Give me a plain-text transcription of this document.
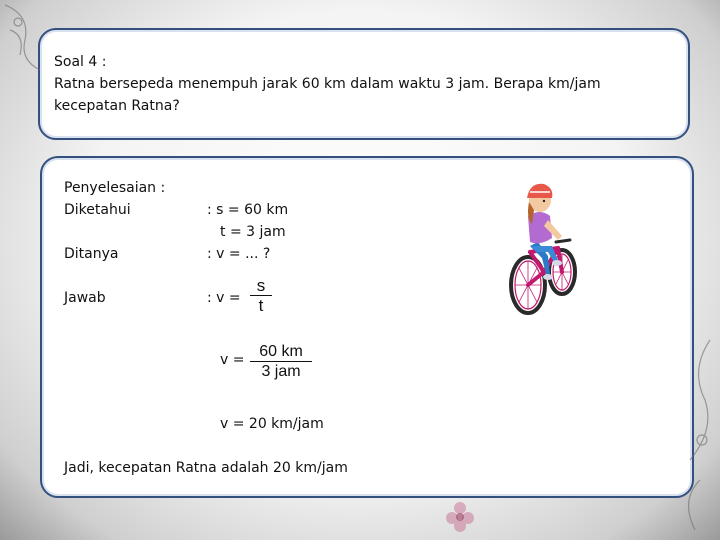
Soal 4 :
Ratna bersepeda menempuh jarak 60 km dalam waktu 3 jam. Berapa km/jam
kecepatan Ratna?
Penyelesaian :
Diketahui	: s = 60 km
t = 3 jam
Ditanya	: v = ... ?
Jawab	: $v = \frac{s}{t}$
v = 60 km
3 jam
v = 20 km/jam
Jadi, kecepatan Ratna adalah 20 km/jam
